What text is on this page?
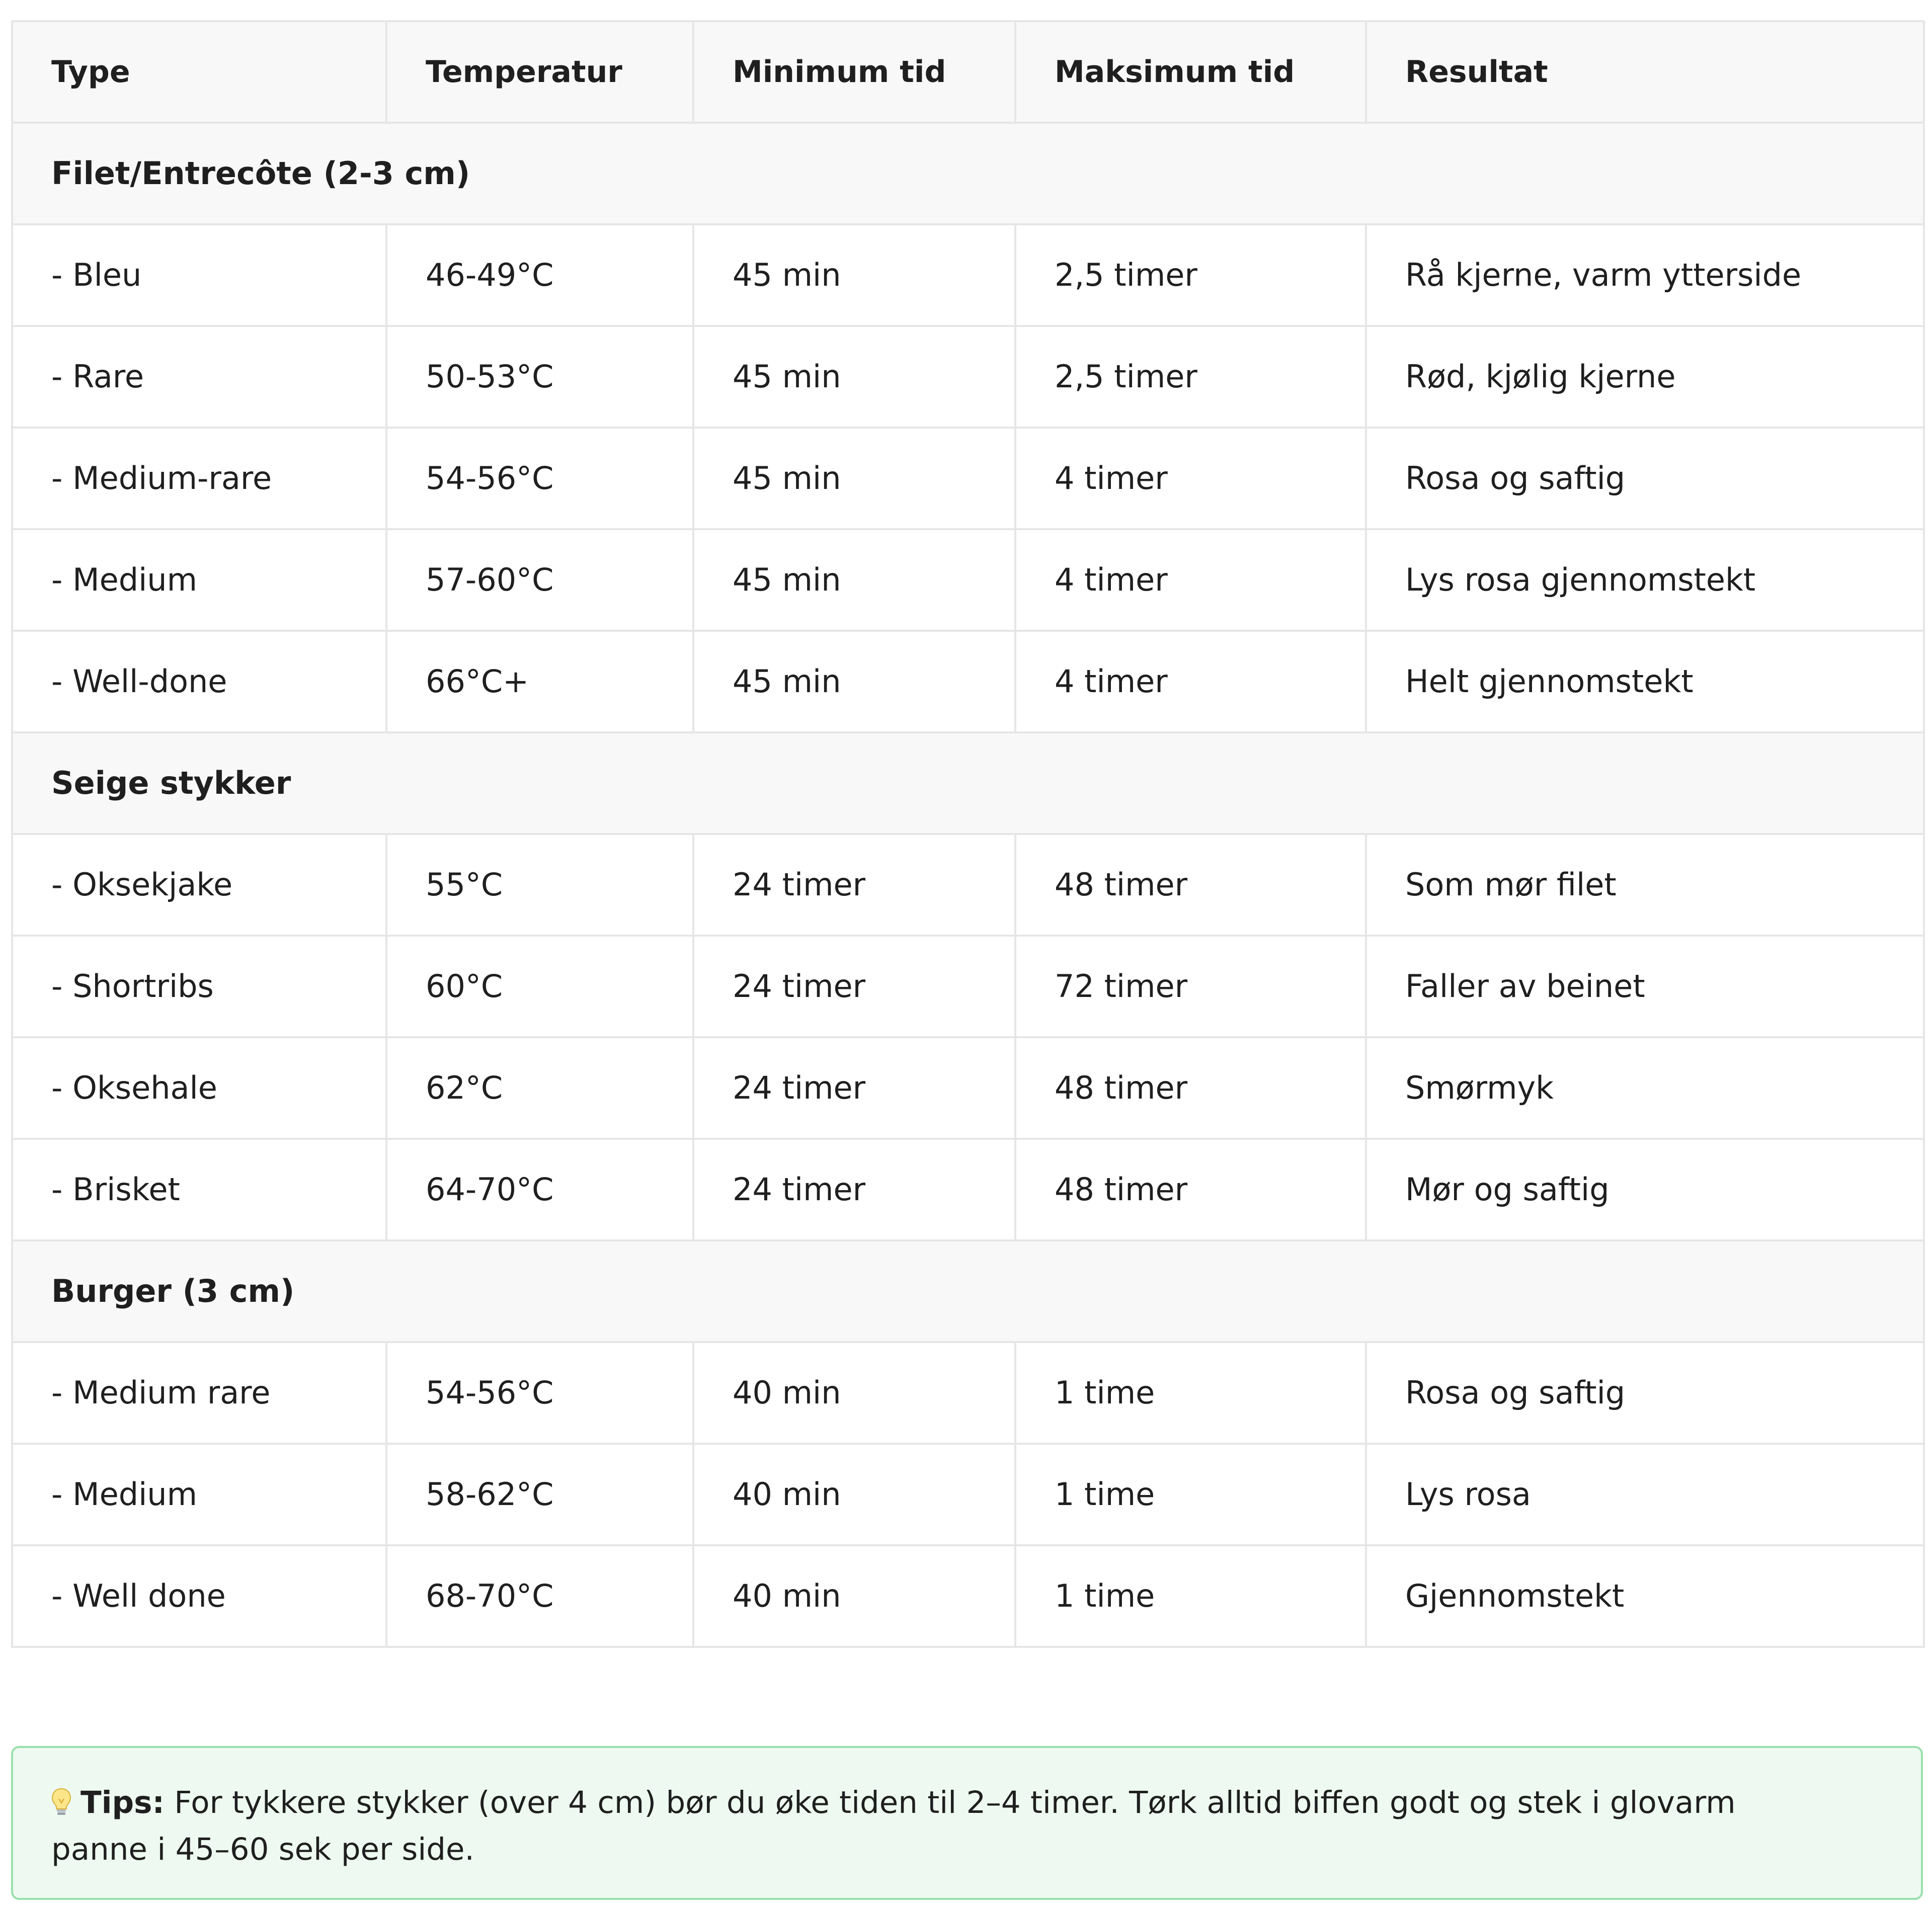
Type	Temperatur	Minimum tid	Maksimum tid	Resultat
Filet/Entrecôte (2-3 cm)				
- Bleu	46-49°C	45 min	2,5 timer	Rå kjerne, varm ytterside
- Rare	50-53°C	45 min	2,5 timer	Rød, kjølig kjerne
- Medium-rare	54-56°C	45 min	4 timer	Rosa og saftig
- Medium	57-60°C	45 min	4 timer	Lys rosa gjennomstekt
- Well-done	66°C+	45 min	4 timer	Helt gjennomstekt
Seige stykker				
- Oksekjake	55°C	24 timer	48 timer	Som mør filet
- Shortribs	60°C	24 timer	72 timer	Faller av beinet
- Oksehale	62°C	24 timer	48 timer	Smørmyk
- Brisket	64-70°C	24 timer	48 timer	Mør og saftig
Burger (3 cm)				
- Medium rare	54-56°C	40 min	1 time	Rosa og saftig
- Medium	58-62°C	40 min	1 time	Lys rosa
- Well done	68-70°C	40 min	1 time	Gjennomstekt
Tips: For tykkere stykker (over 4 cm) bør du øke tiden til 2–4 timer. Tørk alltid biffen godt og stek i glovarm panne i 45–60 sek per side.
